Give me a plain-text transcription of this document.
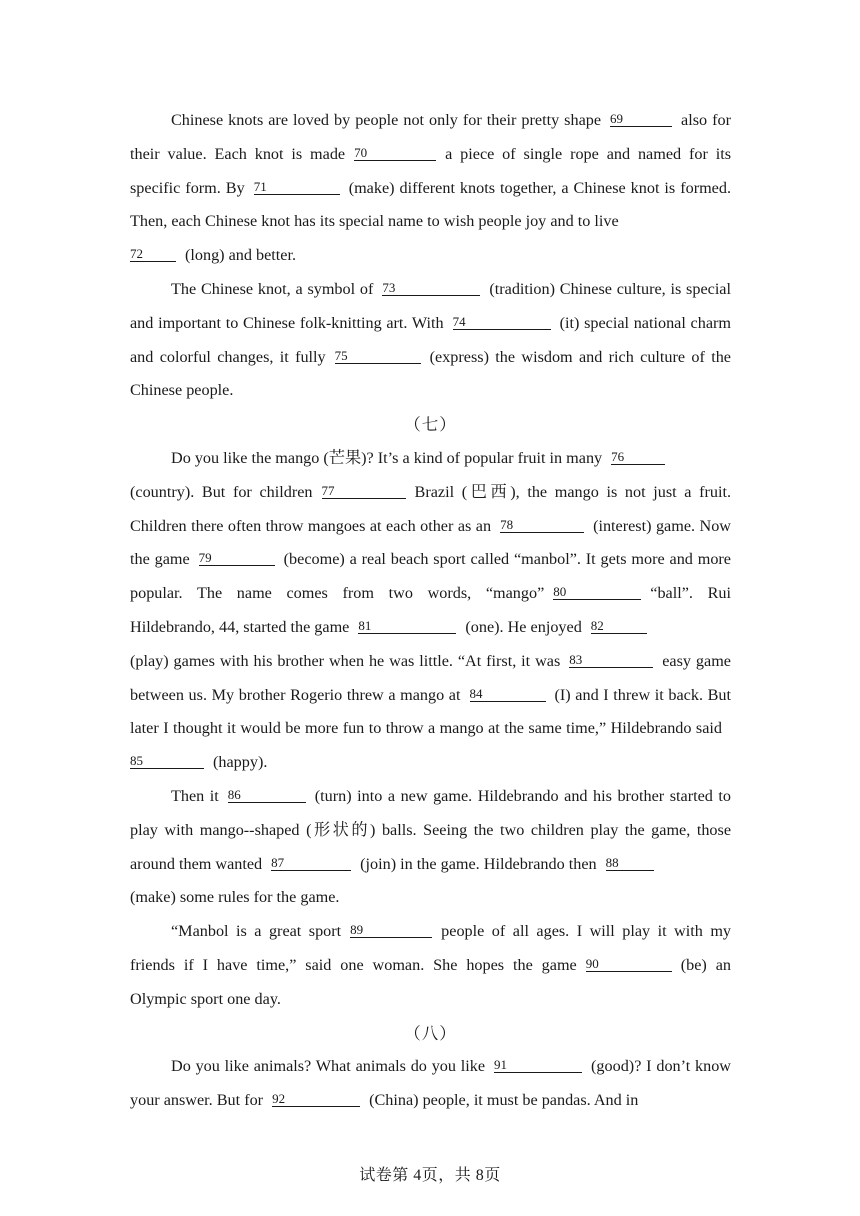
Chinese knots are loved by people not only for their pretty shape 69	also for their value. Each knot is made 70	a piece of single rope and named for its specific form. By 71	(make) different knots together, a Chinese knot is formed. Then, each Chinese knot has its special name to wish people joy and to live
72	(long) and better.

The Chinese knot, a symbol of 73	(tradition) Chinese culture, is special and important to Chinese folk-knitting art. With 74	(it) special national charm and colorful changes, it fully 75	(express) the wisdom and rich culture of the Chinese people.

（七）

Do you like the mango (芒果)? It’s a kind of popular fruit in many 76
(country). But for children 77	Brazil (巴西), the mango is not just a fruit. Children there often throw mangoes at each other as an 78	(interest) game. Now the game 79	(become) a real beach sport called “manbol”. It gets more and more popular. The name comes from two words, “mango” 80	“ball”. Rui Hildebrando, 44, started the game 81	(one). He enjoyed 82
(play) games with his brother when he was little. “At first, it was 83	easy game between us. My brother Rogerio threw a mango at 84	(I) and I threw it back. But later I thought it would be more fun to throw a mango at the same time,” Hildebrando said85	(happy).

Then it 86	(turn) into a new game. Hildebrando and his brother started to play with mango--shaped (形状的) balls. Seeing the two children play the game, those around them wanted 87	(join) in the game. Hildebrando then 88
(make) some rules for the game.

“Manbol is a great sport 89	people of all ages. I will play it with my friends if I have time,” said one woman. She hopes the game 90	(be) an Olympic sport one day.

（八）

Do you like animals? What animals do you like 91	(good)? I don’t know your answer. But for 92	(China) people, it must be pandas. And in

试卷第 4页，共 8页
